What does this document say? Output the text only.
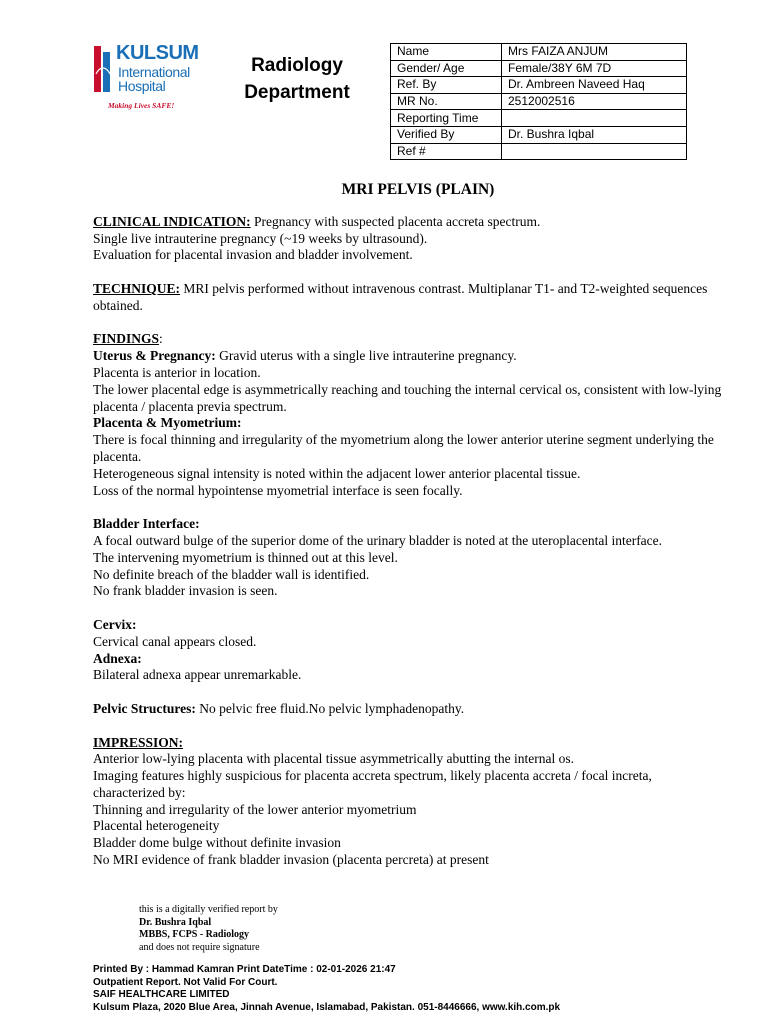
KULSUM
International
Hospital
Making Lives SAFE!
Radiology
Department
Name	Mrs FAIZA ANJUM
Gender/ Age	Female/38Y 6M 7D
Ref. By	Dr. Ambreen Naveed Haq
MR No.	2512002516
Reporting Time	
Verified By	Dr. Bushra Iqbal
Ref #	

MRI PELVIS (PLAIN)

CLINICAL INDICATION: Pregnancy with suspected placenta accreta spectrum.

Single live intrauterine pregnancy (~19 weeks by ultrasound).

Evaluation for placental invasion and bladder involvement.

TECHNIQUE: MRI pelvis performed without intravenous contrast. Multiplanar T1- and T2-weighted sequences obtained.

FINDINGS:

Uterus & Pregnancy: Gravid uterus with a single live intrauterine pregnancy.

Placenta is anterior in location.

The lower placental edge is asymmetrically reaching and touching the internal cervical os, consistent with low-lying placenta / placenta previa spectrum.

Placenta & Myometrium:

There is focal thinning and irregularity of the myometrium along the lower anterior uterine segment underlying the placenta.

Heterogeneous signal intensity is noted within the adjacent lower anterior placental tissue.

Loss of the normal hypointense myometrial interface is seen focally.

Bladder Interface:

A focal outward bulge of the superior dome of the urinary bladder is noted at the uteroplacental interface.

The intervening myometrium is thinned out at this level.

No definite breach of the bladder wall is identified.

No frank bladder invasion is seen.

Cervix:

Cervical canal appears closed.

Adnexa:

Bilateral adnexa appear unremarkable.

Pelvic Structures: No pelvic free fluid.No pelvic lymphadenopathy.

IMPRESSION:

Anterior low-lying placenta with placental tissue asymmetrically abutting the internal os.

Imaging features highly suspicious for placenta accreta spectrum, likely placenta accreta / focal increta, characterized by:

Thinning and irregularity of the lower anterior myometrium

Placental heterogeneity

Bladder dome bulge without definite invasion

No MRI evidence of frank bladder invasion (placenta percreta) at present

this is a digitally verified report by
Dr. Bushra Iqbal
MBBS, FCPS - Radiology
and does not require signature
Printed By : Hammad Kamran Print DateTime : 02-01-2026 21:47
Outpatient Report. Not Valid For Court.
SAIF HEALTHCARE LIMITED
Kulsum Plaza, 2020 Blue Area, Jinnah Avenue, Islamabad, Pakistan. 051-8446666, www.kih.com.pk
